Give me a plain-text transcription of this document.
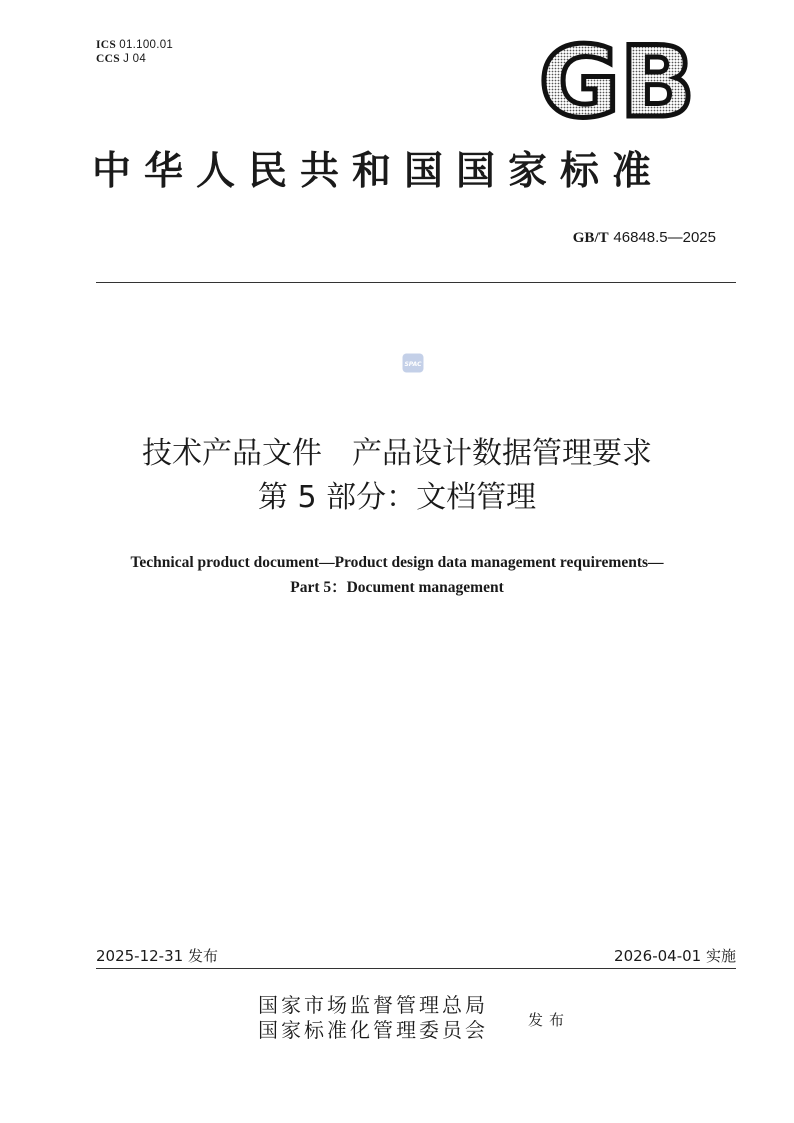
ICS 01.100.01
CCS J 04	GB
中华人民共和国国家标准
GB/T 46848.5—2025
SPAC
技术产品文件　产品设计数据管理要求
第 5 部分：文档管理
Technical product document—Product design data management requirements—
Part 5：Document management
2025-12-31 发布	2026-04-01 实施
国家市场监督管理总局
国家标准化管理委员会	发布
